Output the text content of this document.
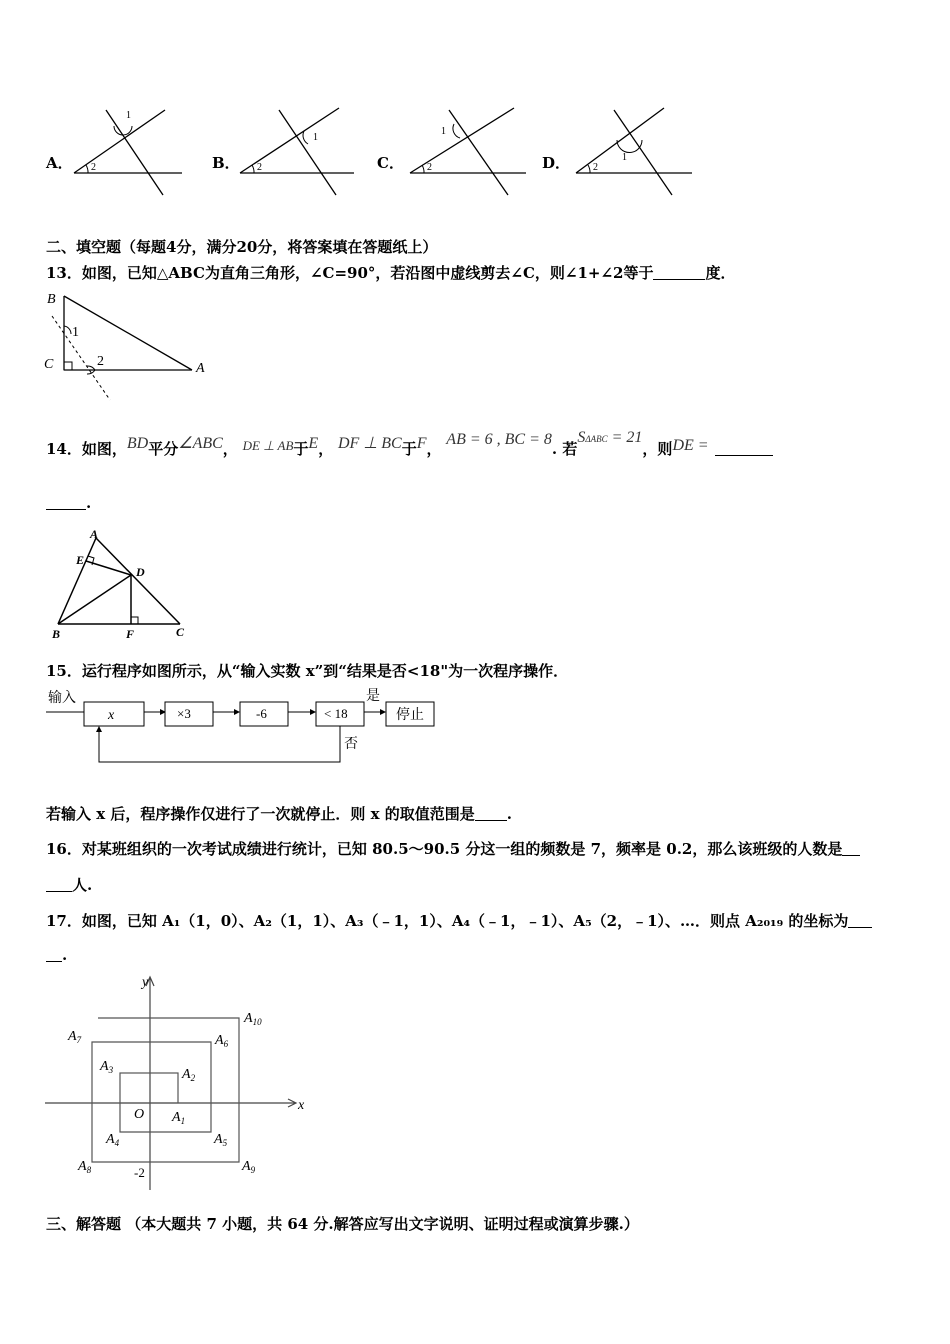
A．	B．	C．	D．
1
2
1
2
1
2
1
2
二、填空题（每题4分，满分20分，将答案填在答题纸上）
13．如图，已知△ABC为直角三角形，∠C=90°，若沿图中虚线剪去∠C，则∠1+∠2等于	度．
B
C	A
1
2
14．如图，BD平分∠ABC， DE ⊥ AB于E， DF ⊥ BC于F， AB = 6 , BC = 8. 若SΔABC = 21，则DE =
.
A
E
D
B	F	C
15．运行程序如图所示，从“输入实数 x”到“结果是否<18"为一次程序操作．
输入
x	×3	-6	< 18
是
停止
否
若输入 x 后，程序操作仅进行了一次就停止．则 x 的取值范围是 .
16．对某班组织的一次考试成绩进行统计，已知 80.5～90.5 分这一组的频数是 7，频率是 0.2，那么该班级的人数是
人.
17．如图，已知 A₁（1，0）、A₂（1，1）、A₃（﹣1，1）、A₄（﹣1，﹣1）、A₅（2，﹣1）、…．则点 A₂₀₁₉ 的坐标为
.
y
x
O
-2
$A_1$
$A_2$
$A_3$
$A_4$	$A_5$
$A_6$
$A_7$
$A_8$	$A_9$
$A_{10}$
三、解答题 （本大题共 7 小题，共 64 分.解答应写出文字说明、证明过程或演算步骤.）
